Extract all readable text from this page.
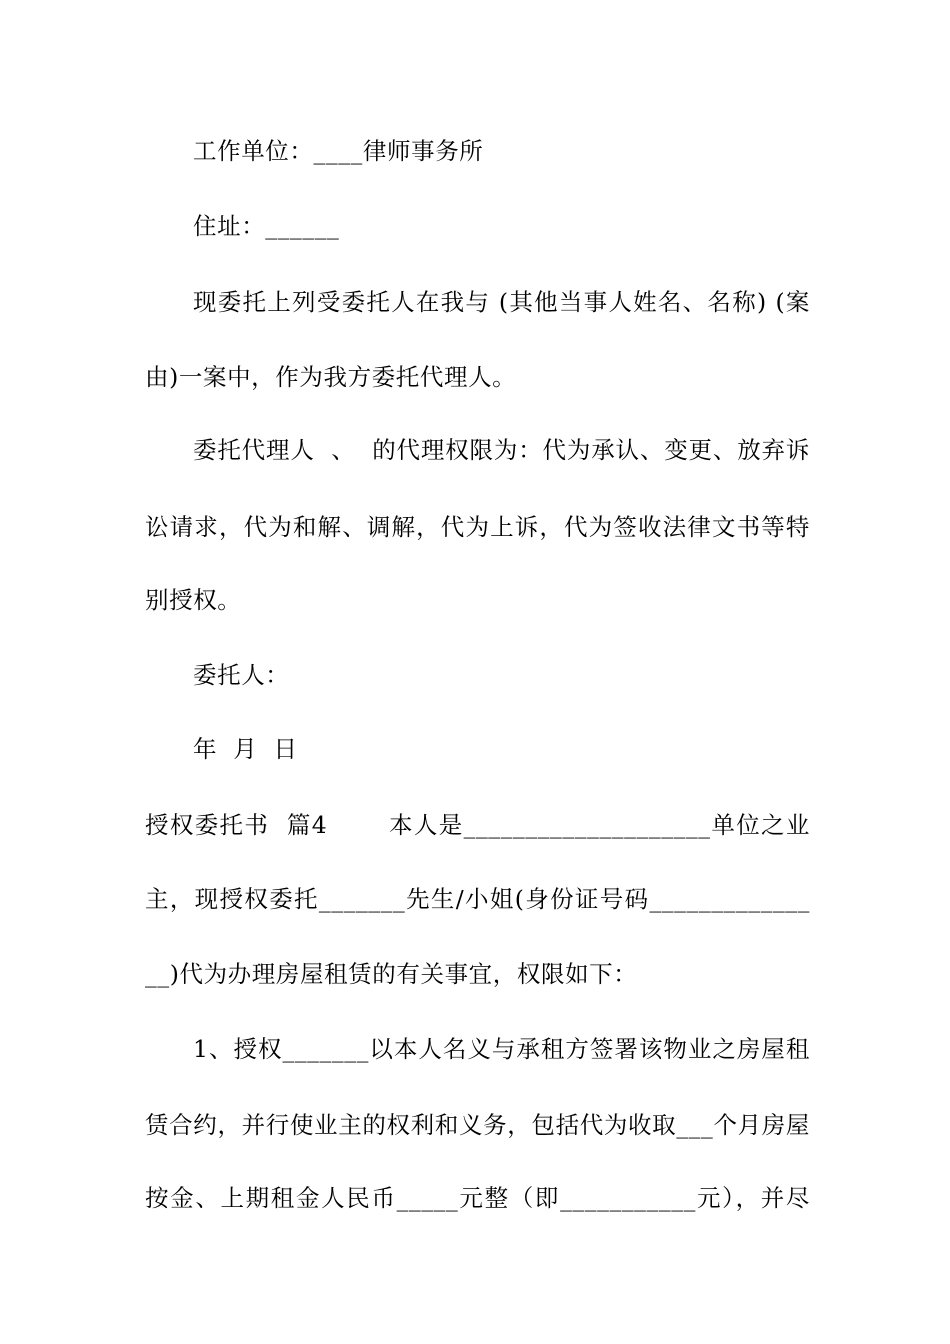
工作单位：____律师事务所
住址：______
现委托上列受委托人在我与 (其他当事人姓名、名称) (案
由)一案中，作为我方委托代理人。
委托代理人  、  的代理权限为：代为承认、变更、放弃诉
讼请求，代为和解、调解，代为上诉，代为签收法律文书等特
别授权。
委托人：
年  月  日
授权委托书  篇4       本人是____________________单位之业
主，现授权委托_______先生/小姐(身份证号码_____________
__)代为办理房屋租赁的有关事宜，权限如下：
1、授权_______以本人名义与承租方签署该物业之房屋租
赁合约，并行使业主的权利和义务，包括代为收取___个月房屋
按金、上期租金人民币_____元整（即___________元），并尽
